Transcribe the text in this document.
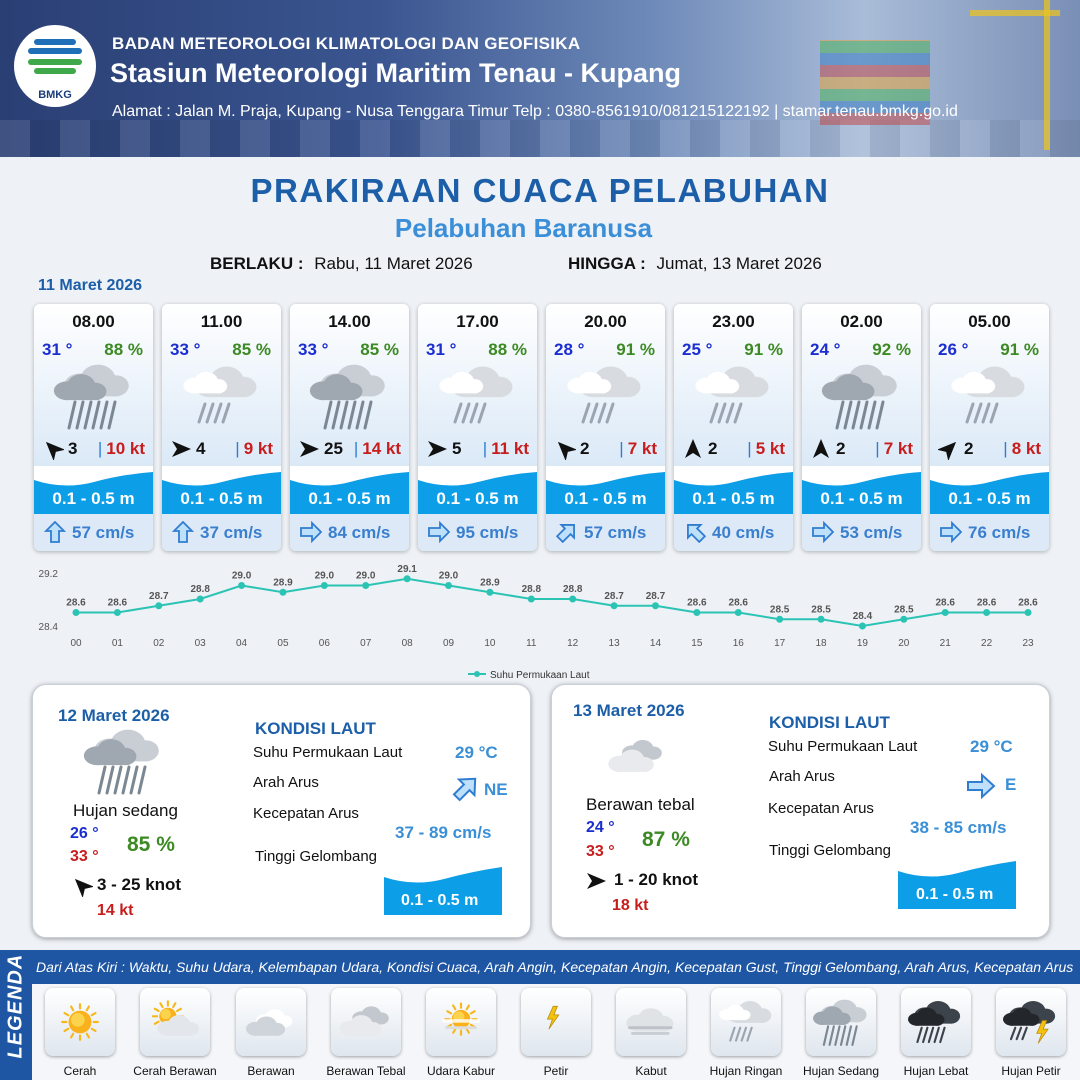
BMKG
BADAN METEOROLOGI KLIMATOLOGI DAN GEOFISIKA
Stasiun Meteorologi Maritim Tenau - Kupang
Alamat : Jalan M. Praja, Kupang - Nusa Tenggara Timur Telp : 0380-8561910/081215122192 | stamar.tenau.bmkg.go.id
PRAKIRAAN CUACA PELABUHAN
Pelabuhan Baranusa
BERLAKU : Rabu, 11 Maret 2026	HINGGA : Jumat, 13 Maret 2026
11 Maret 2026
08.00
31 ° 88 %
3 | 10 kt
0.1 - 0.5 m
57 cm/s
11.00
33 ° 85 %
4 | 9 kt
0.1 - 0.5 m
37 cm/s
14.00
33 ° 85 %
25 | 14 kt
0.1 - 0.5 m
84 cm/s
17.00
31 ° 88 %
5 | 11 kt
0.1 - 0.5 m
95 cm/s
20.00
28 ° 91 %
2 | 7 kt
0.1 - 0.5 m
57 cm/s
23.00
25 ° 91 %
2 | 5 kt
0.1 - 0.5 m
40 cm/s
02.00
24 ° 92 %
2 | 7 kt
0.1 - 0.5 m
53 cm/s
05.00
26 ° 91 %
2 | 8 kt
0.1 - 0.5 m
76 cm/s
29.2
28.4
28.6
00
28.6
01
28.7
02
28.8
03
29.0
04
28.9
05
29.0
06
29.0
07
29.1
08
29.0
09
28.9
10
28.8
11
28.8
12
28.7
13
28.7
14
28.6
15
28.6
16
28.5
17
28.5
18
28.4
19
28.5
20
28.6
21
28.6
22
28.6
23
Suhu Permukaan Laut
12 Maret 2026
Hujan sedang
26 °
33 °
85 %
3 - 25 knot
14 kt
KONDISI LAUT
Suhu Permukaan Laut	29 °C
Arah Arus	NE
Kecepatan Arus
37 - 89 cm/s
Tinggi Gelombang
0.1 - 0.5 m
13 Maret 2026
Berawan tebal
24 °
33 °
87 %
1 - 20 knot
18 kt
KONDISI LAUT
Suhu Permukaan Laut	29 °C
Arah Arus	E
Kecepatan Arus
38 - 85 cm/s
Tinggi Gelombang
0.1 - 0.5 m
LEGENDA Dari Atas Kiri : Waktu, Suhu Udara, Kelembapan Udara, Kondisi Cuaca, Arah Angin, Kecepatan Angin, Kecepatan Gust, Tinggi Gelombang, Arah Arus, Kecepatan Arus
Cerah	Cerah Berawan	Berawan	Berawan Tebal	Udara Kabur	Petir	Kabut	Hujan Ringan	Hujan Sedang	Hujan Lebat	Hujan Petir
